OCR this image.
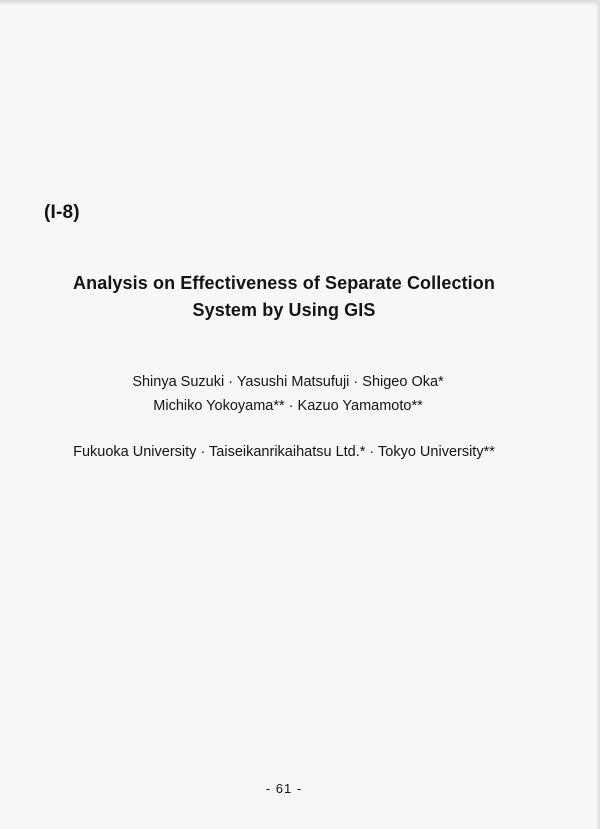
(I-8)
Analysis on Effectiveness of Separate Collection
System by Using GIS
Shinya Suzuki · Yasushi Matsufuji · Shigeo Oka*
Michiko Yokoyama** · Kazuo Yamamoto**
Fukuoka University · Taiseikanrikaihatsu Ltd.* · Tokyo University**
- 61 -
